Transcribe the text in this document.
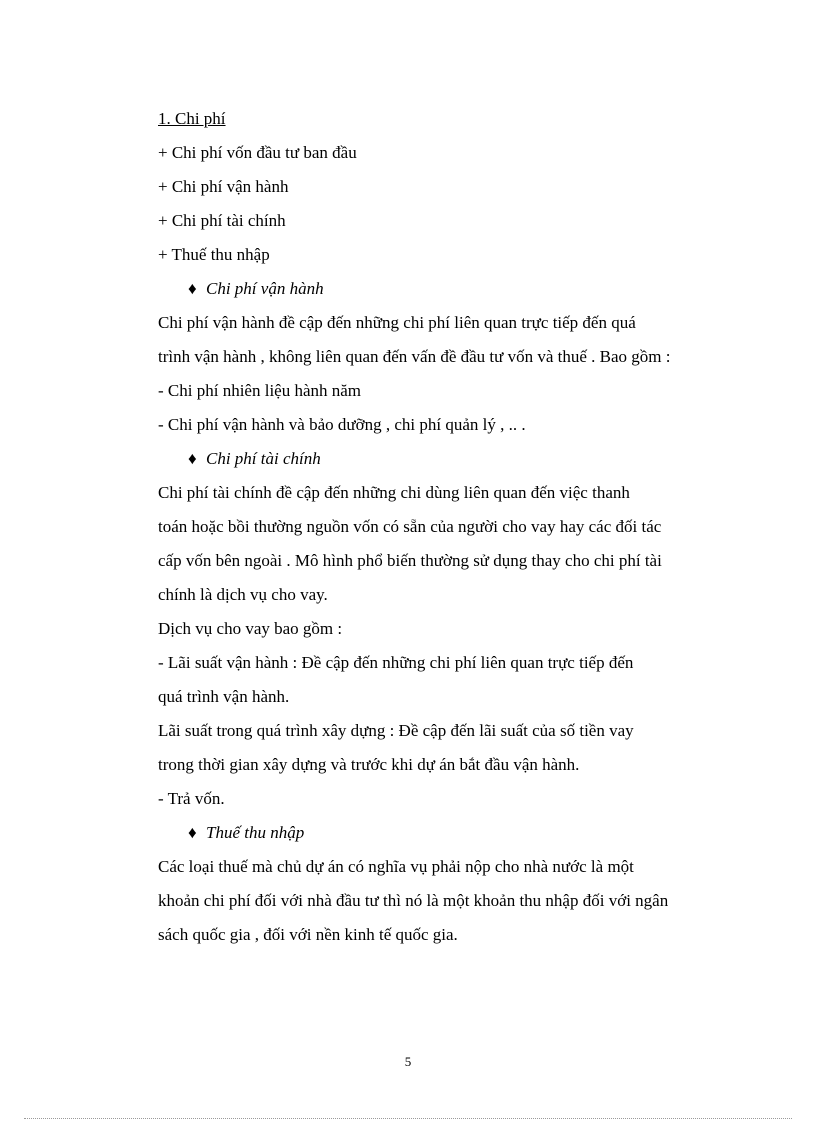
1. Chi phí
+ Chi phí vốn đầu tư ban đầu
+ Chi phí vận hành
+ Chi phí tài chính
+ Thuế thu nhập
♦ Chi phí vận hành
Chi phí vận hành đề cập đến những chi phí liên quan trực tiếp đến quá
trình vận hành , không liên quan đến vấn đề đầu tư vốn và thuế . Bao gồm :
- Chi phí nhiên liệu hành năm
- Chi phí vận hành và bảo dưỡng , chi phí quản lý , .. .
♦ Chi phí tài chính
Chi phí tài chính đề cập đến những chi dùng liên quan đến việc thanh
toán hoặc bồi thường nguồn vốn có sẵn của người cho vay hay các đối tác
cấp vốn bên ngoài . Mô hình phổ biến thường sử dụng thay cho chi phí tài
chính là dịch vụ cho vay.
Dịch vụ cho vay bao gồm :
- Lãi suất vận hành : Đề cập đến những chi phí liên quan trực tiếp đến
quá trình vận hành.
Lãi suất trong quá trình xây dựng : Đề cập đến lãi suất của số tiền vay
trong thời gian xây dựng và trước khi dự án bắt đầu vận hành.
- Trả vốn.
♦ Thuế thu nhập
Các loại thuế mà chủ dự án có nghĩa vụ phải nộp cho nhà nước là một
khoản chi phí đối với nhà đầu tư thì nó là một khoản thu nhập đối với ngân
sách quốc gia , đối với nền kinh tế quốc gia.
5
